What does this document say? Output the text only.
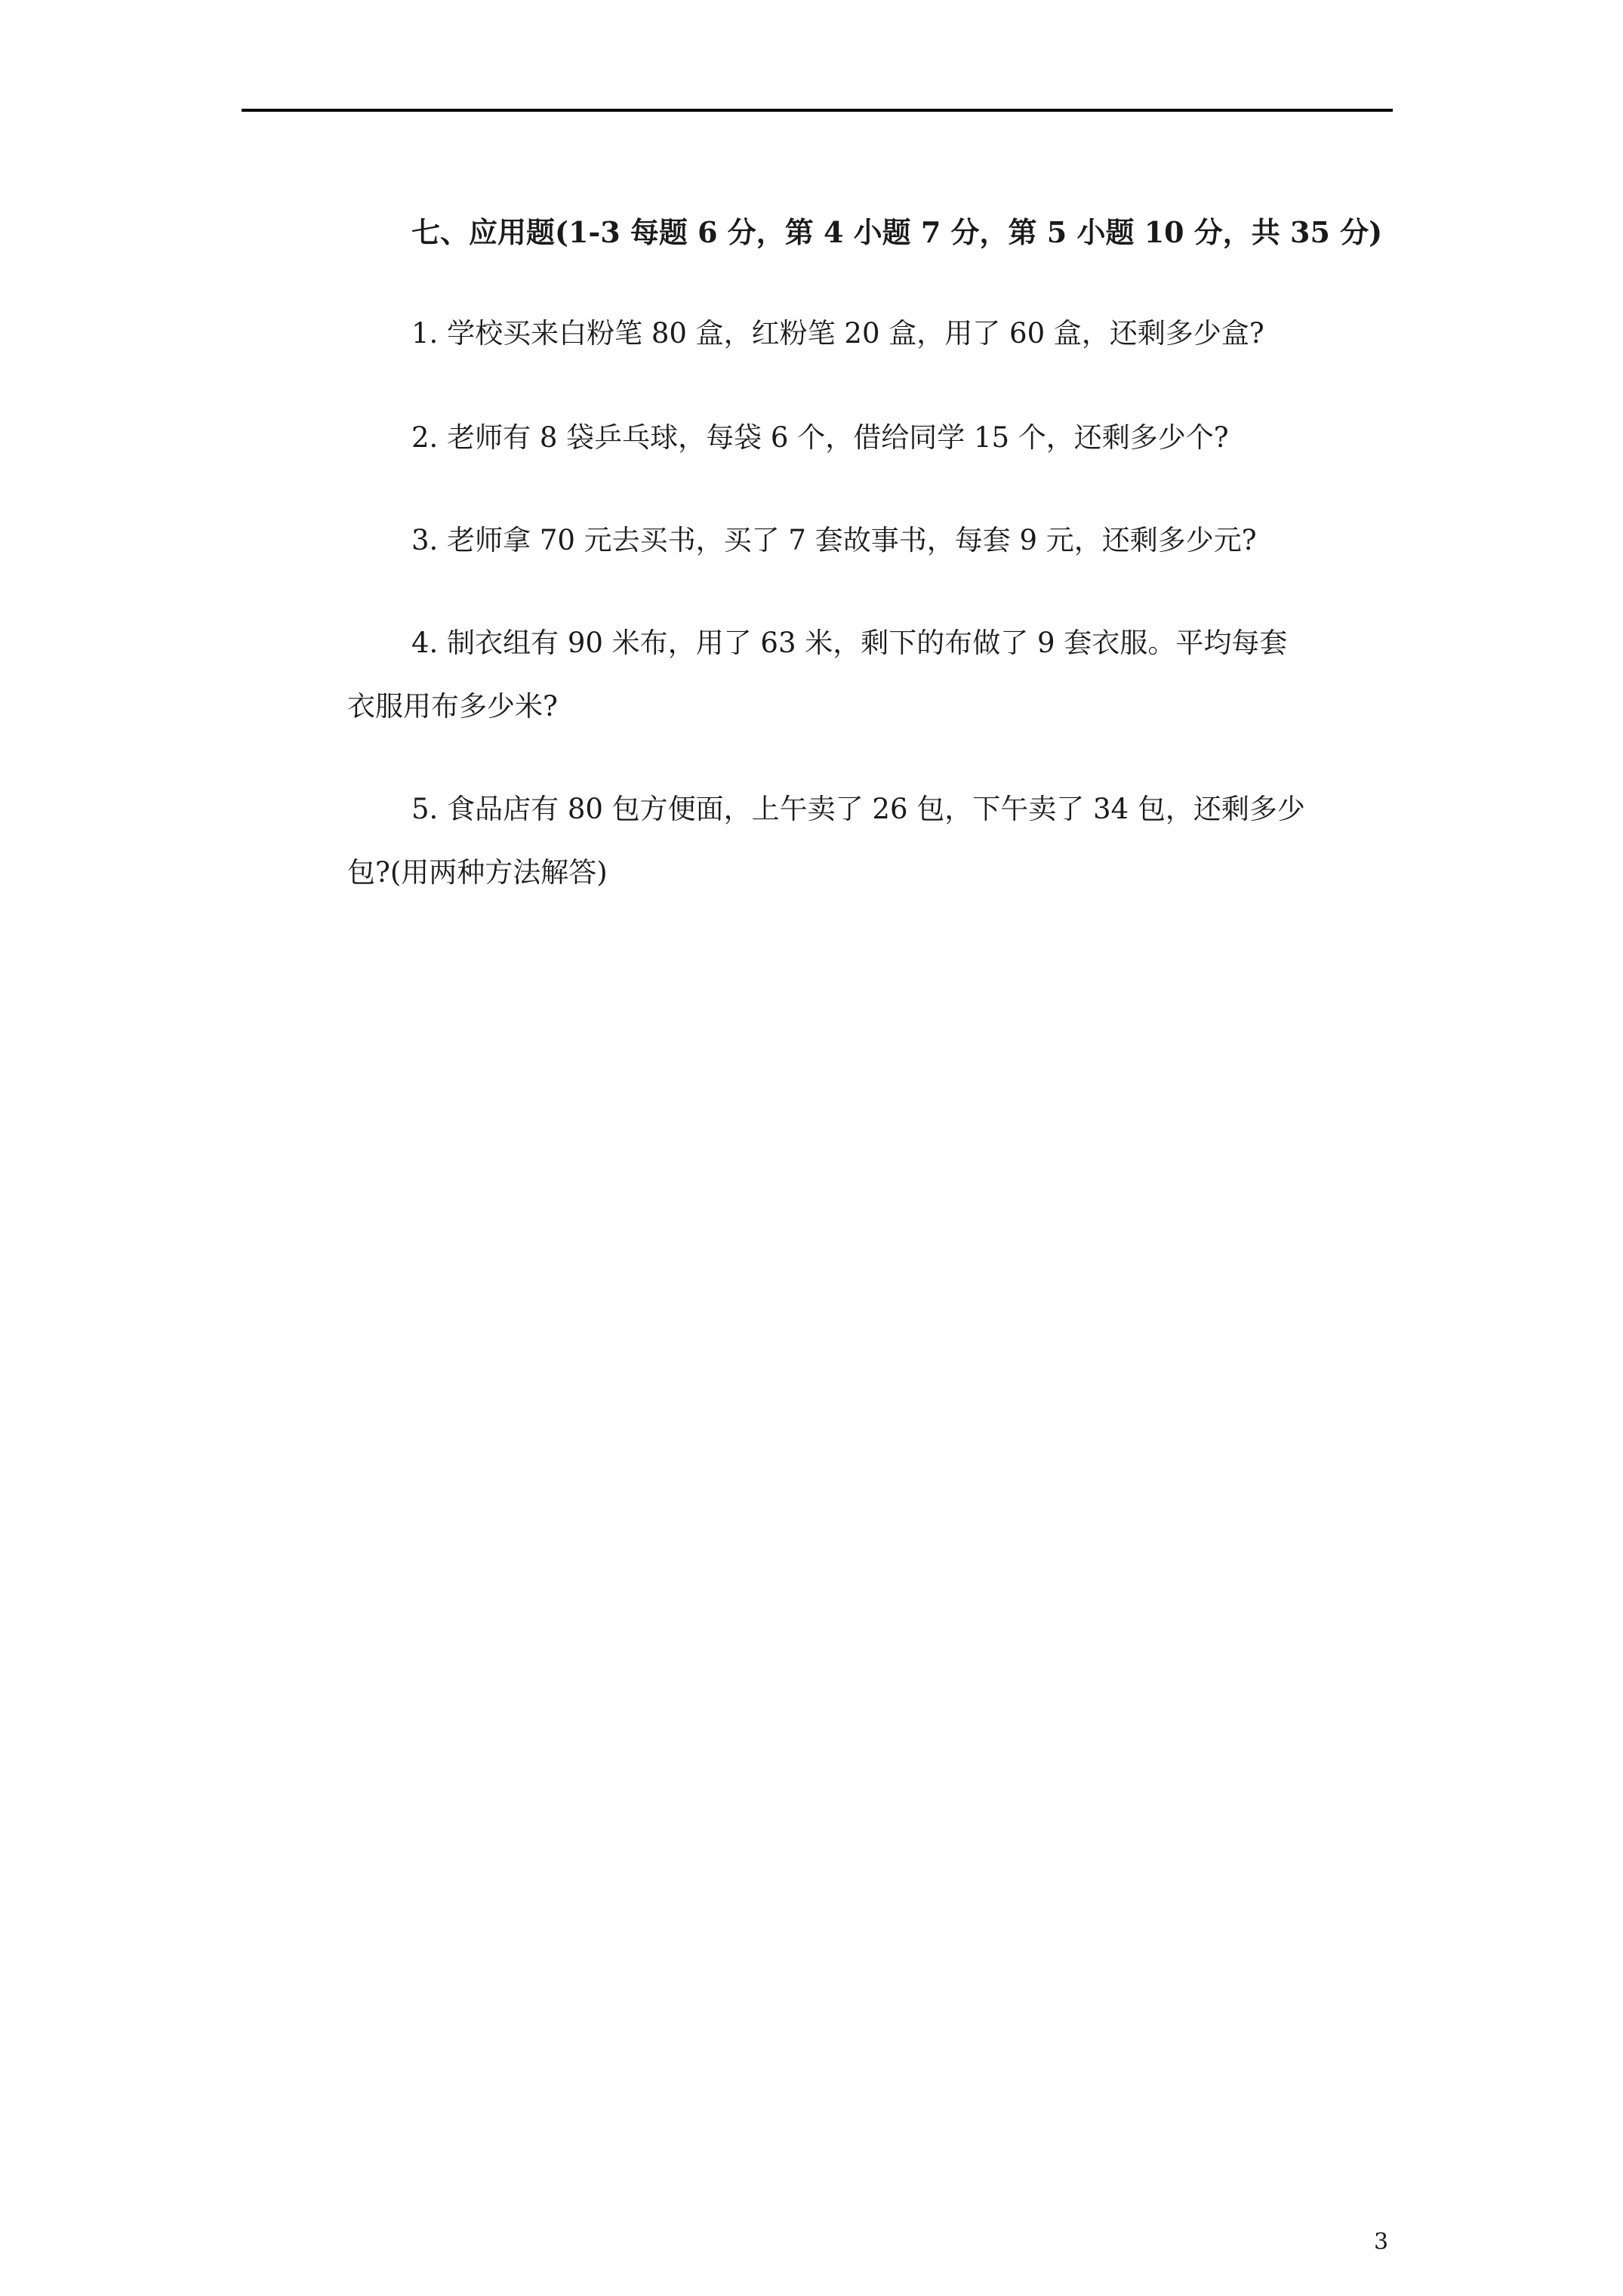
七、应用题(1-3 每题 6 分，第 4 小题 7 分，第 5 小题 10 分，共 35 分)
1. 学校买来白粉笔 80 盒，红粉笔 20 盒，用了 60 盒，还剩多少盒?
2. 老师有 8 袋乒乓球，每袋 6 个，借给同学 15 个，还剩多少个?
3. 老师拿 70 元去买书，买了 7 套故事书，每套 9 元，还剩多少元?
4. 制衣组有 90 米布，用了 63 米，剩下的布做了 9 套衣服。平均每套
衣服用布多少米?
5. 食品店有 80 包方便面，上午卖了 26 包，下午卖了 34 包，还剩多少
包?(用两种方法解答)
3
